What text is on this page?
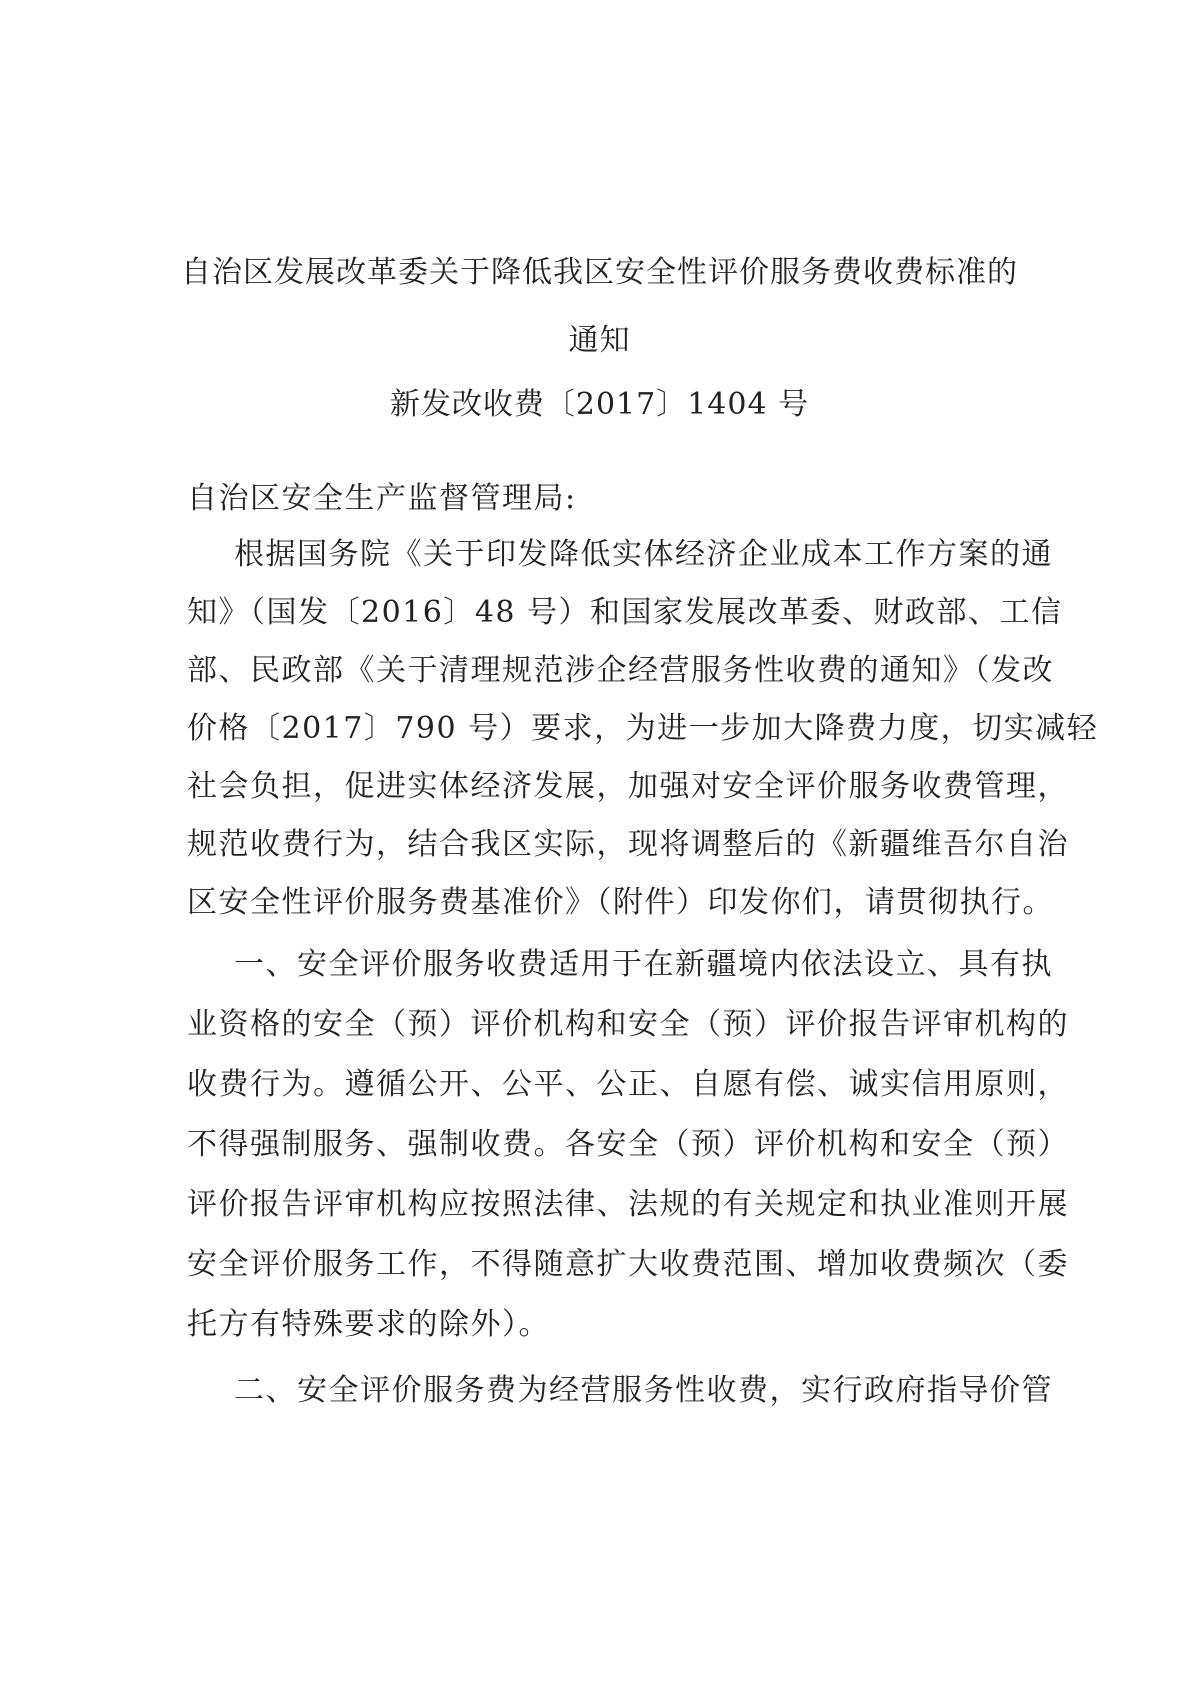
自治区发展改革委关于降低我区安全性评价服务费收费标准的
通知
新发改收费〔2017〕1404 号
自治区安全生产监督管理局:
根据国务院《关于印发降低实体经济企业成本工作方案的通
知》（国发〔2016〕48 号）和国家发展改革委、财政部、工信
部、民政部《关于清理规范涉企经营服务性收费的通知》（发改
价格〔2017〕790 号）要求，为进一步加大降费力度，切实减轻
社会负担，促进实体经济发展，加强对安全评价服务收费管理，
规范收费行为，结合我区实际，现将调整后的《新疆维吾尔自治
区安全性评价服务费基准价》（附件）印发你们，请贯彻执行。
一、安全评价服务收费适用于在新疆境内依法设立、具有执
业资格的安全（预）评价机构和安全（预）评价报告评审机构的
收费行为。遵循公开、公平、公正、自愿有偿、诚实信用原则，
不得强制服务、强制收费。各安全（预）评价机构和安全（预）
评价报告评审机构应按照法律、法规的有关规定和执业准则开展
安全评价服务工作，不得随意扩大收费范围、增加收费频次（委
托方有特殊要求的除外）。
二、安全评价服务费为经营服务性收费，实行政府指导价管
